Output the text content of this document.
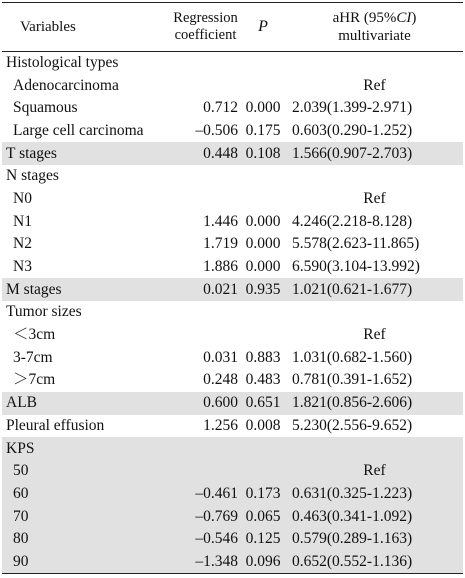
Variables	Regression
coefficient	P	aHR (95%CI)
multivariate
Histological types			
Adenocarcinoma			Ref
Squamous	0.712	0.000	2.039(1.399-2.971)
Large cell carcinoma	–0.506	0.175	0.603(0.290-1.252)
T stages	0.448	0.108	1.566(0.907-2.703)
N stages			
N0			Ref
N1	1.446	0.000	4.246(2.218-8.128)
N2	1.719	0.000	5.578(2.623-11.865)
N3	1.886	0.000	6.590(3.104-13.992)
M stages	0.021	0.935	1.021(0.621-1.677)
Tumor sizes			
＜3cm			Ref
3-7cm	0.031	0.883	1.031(0.682-1.560)
＞7cm	0.248	0.483	0.781(0.391-1.652)
ALB	0.600	0.651	1.821(0.856-2.606)
Pleural effusion	1.256	0.008	5.230(2.556-9.652)
KPS			
50			Ref
60	–0.461	0.173	0.631(0.325-1.223)
70	–0.769	0.065	0.463(0.341-1.092)
80	–0.546	0.125	0.579(0.289-1.163)
90	–1.348	0.096	0.652(0.552-1.136)
